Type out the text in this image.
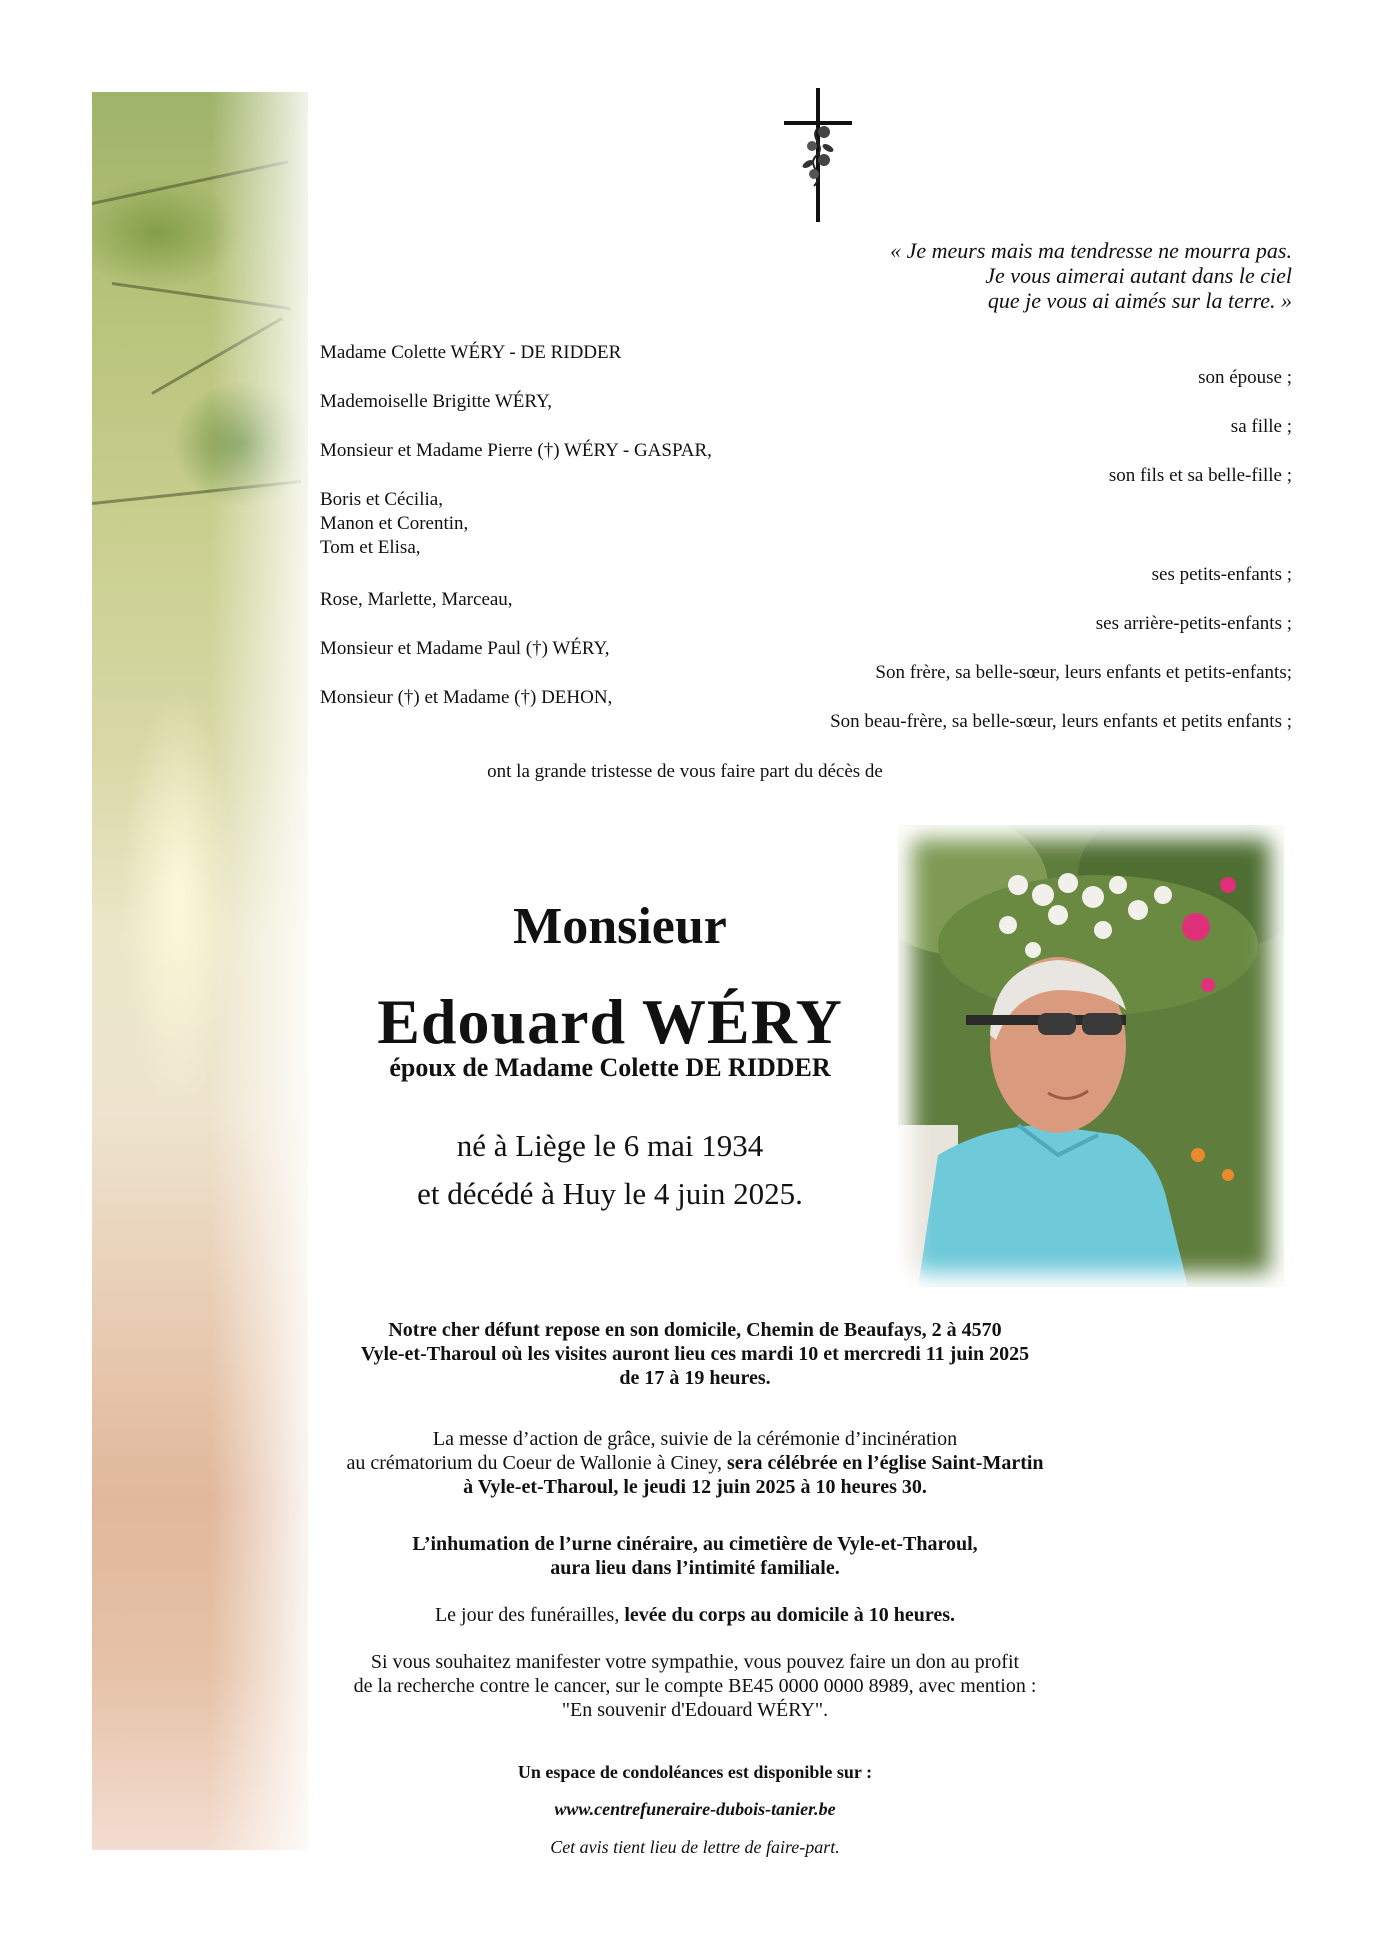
« Je meurs mais ma tendresse ne mourra pas.
Je vous aimerai autant dans le ciel
que je vous ai aimés sur la terre. »
Madame Colette WÉRY - DE RIDDER
son épouse ;
Mademoiselle Brigitte WÉRY,
sa fille ;
Monsieur et Madame Pierre (†) WÉRY - GASPAR,
son fils et sa belle-fille ;
Boris et Cécilia,
Manon et Corentin,
Tom et Elisa,
ses petits-enfants ;
Rose, Marlette, Marceau,
ses arrière-petits-enfants ;
Monsieur et Madame Paul (†) WÉRY,
Son frère, sa belle-sœur, leurs enfants et petits-enfants;
Monsieur (†) et Madame (†) DEHON,
Son beau-frère, sa belle-sœur, leurs enfants et petits enfants ;
ont la grande tristesse de vous faire part du décès de
Monsieur
Edouard WÉRY
époux de Madame Colette DE RIDDER
né à Liège le 6 mai 1934
et décédé à Huy le 4 juin 2025.
Notre cher défunt repose en son domicile, Chemin de Beaufays, 2 à 4570
Vyle-et-Tharoul où les visites auront lieu ces mardi 10 et mercredi 11 juin 2025
de 17 à 19 heures.
La messe d’action de grâce, suivie de la cérémonie d’incinération
au crématorium du Coeur de Wallonie à Ciney, sera célébrée en l’église Saint-Martin
à Vyle-et-Tharoul, le jeudi 12 juin 2025 à 10 heures 30.
L’inhumation de l’urne cinéraire, au cimetière de Vyle-et-Tharoul,
aura lieu dans l’intimité familiale.
Le jour des funérailles, levée du corps au domicile à 10 heures.
Si vous souhaitez manifester votre sympathie, vous pouvez faire un don au profit
de la recherche contre le cancer, sur le compte BE45 0000 0000 8989, avec mention :
"En souvenir d'Edouard WÉRY".
Un espace de condoléances est disponible sur :
www.centrefuneraire-dubois-tanier.be
Cet avis tient lieu de lettre de faire-part.
